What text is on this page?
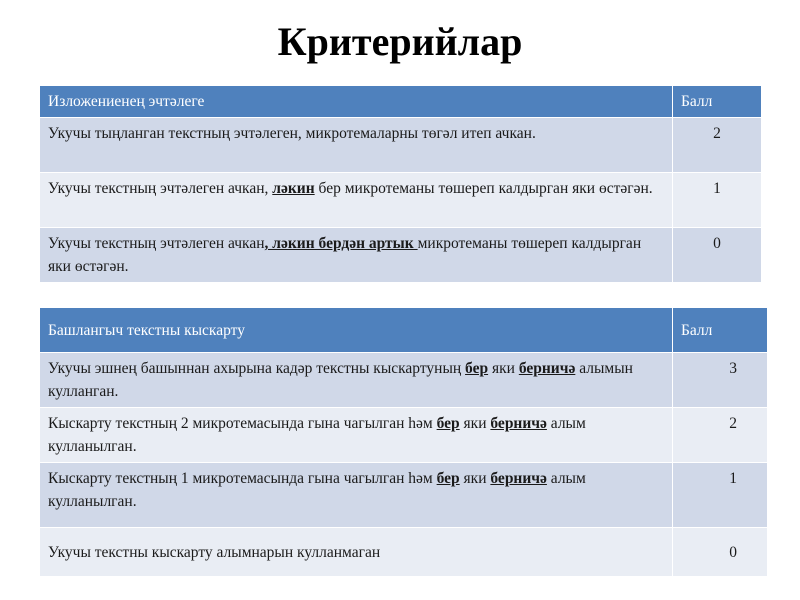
Критерийлар
Изложениенең эчтәлеге	Балл
Укучы тыңланган текстның эчтәлеген, микротемаларны төгәл итеп ачкан.	2
Укучы текстның эчтәлеген ачкан, ләкин бер микротеманы төшереп калдырган яки өстәгән.	1
Укучы текстның эчтәлеген ачкан, ләкин бердән артык микротеманы төшереп калдырган яки өстәгән.	0
Башлангыч текстны кыскарту	Балл
Укучы эшнең башыннан ахырына кадәр текстны кыскартуның бер яки берничә алымын кулланган.	3
Кыскарту текстның 2 микротемасында гына чагылган һәм бер яки берничә алым кулланылган.	2
Кыскарту текстның 1 микротемасында гына чагылган һәм бер яки берничә алым кулланылган.	1
Укучы текстны кыскарту алымнарын кулланмаган	0
